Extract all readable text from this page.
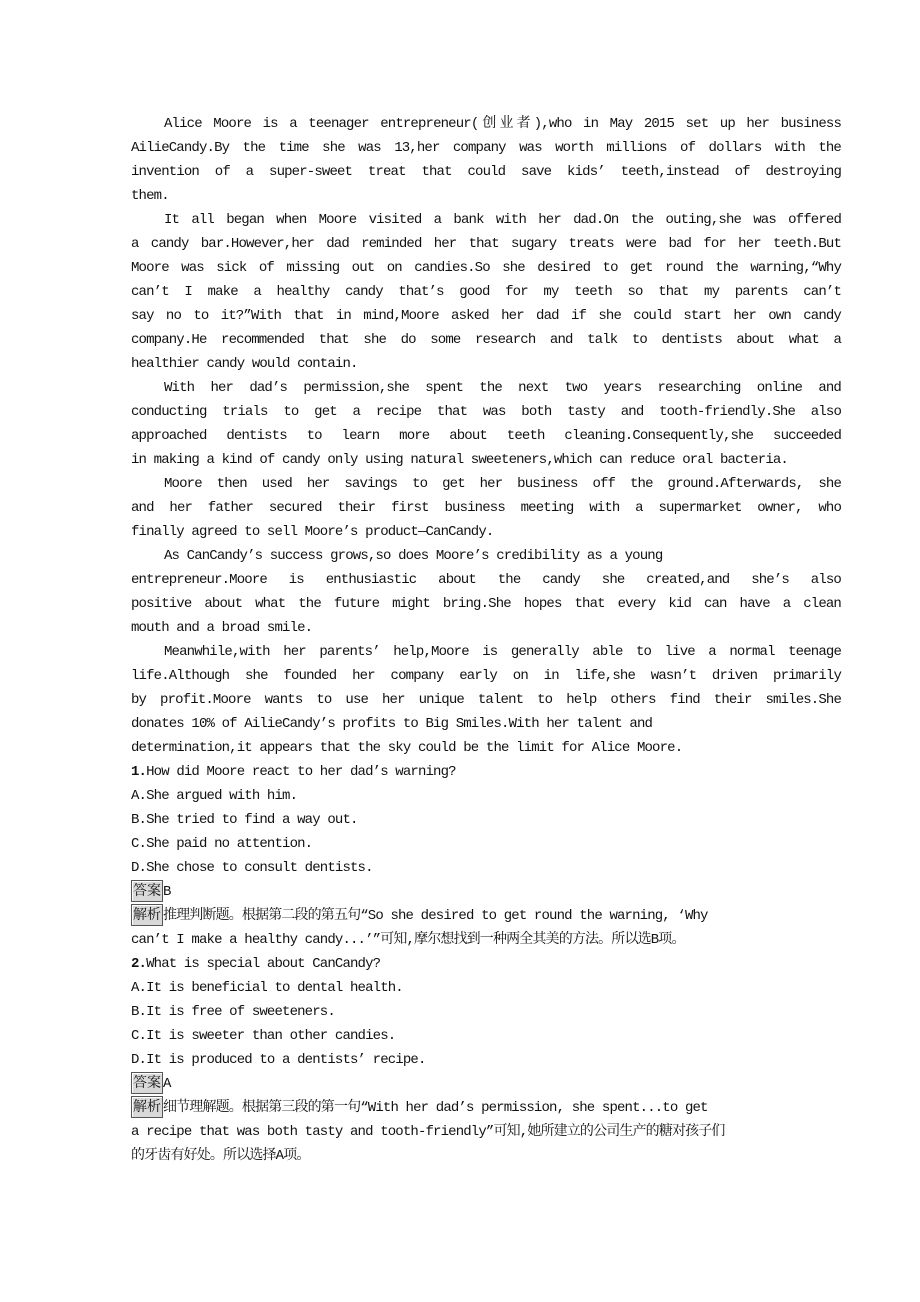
Alice Moore is a teenager entrepreneur(创业者),who in May 2015 set up her business
AilieCandy.By the time she was 13,her company was worth millions of dollars with the
invention of a super-sweet treat that could save kids’ teeth,instead of destroying
them.
It all began when Moore visited a bank with her dad.On the outing,she was offered
a candy bar.However,her dad reminded her that sugary treats were bad for her teeth.But
Moore was sick of missing out on candies.So she desired to get round the warning,“Why
can’t I make a healthy candy that’s good for my teeth so that my parents can’t
say no to it?”With that in mind,Moore asked her dad if she could start her own candy
company.He recommended that she do some research and talk to dentists about what a
healthier candy would contain.
With her dad’s permission,she spent the next two years researching online and
conducting trials to get a recipe that was both tasty and tooth-friendly.She also
approached dentists to learn more about teeth cleaning.Consequently,she succeeded
in making a kind of candy only using natural sweeteners,which can reduce oral bacteria.
Moore then used her savings to get her business off the ground.Afterwards, she
and her father secured their first business meeting with a supermarket owner, who
finally agreed to sell Moore’s product—CanCandy.
As CanCandy’s success grows,so does Moore’s credibility as a young
entrepreneur.Moore is enthusiastic about the candy she created,and she’s also
positive about what the future might bring.She hopes that every kid can have a clean
mouth and a broad smile.
Meanwhile,with her parents’ help,Moore is generally able to live a normal teenage
life.Although she founded her company early on in life,she wasn’t driven primarily
by profit.Moore wants to use her unique talent to help others find their smiles.She
donates 10% of AilieCandy’s profits to Big Smiles.With her talent and
determination,it appears that the sky could be the limit for Alice Moore.
1.How did Moore react to her dad’s warning?
A.She argued with him.
B.She tried to find a way out.
C.She paid no attention.
D.She chose to consult dentists.
答案 B
解析 推理判断题。根据第二段的第五句“So she desired to get round the warning, ‘Why
can’t I make a healthy candy...’”可知,摩尔想找到一种两全其美的方法。所以选B项。
2.What is special about CanCandy?
A.It is beneficial to dental health.
B.It is free of sweeteners.
C.It is sweeter than other candies.
D.It is produced to a dentists’ recipe.
答案 A
解析 细节理解题。根据第三段的第一句“With her dad’s permission, she spent...to get
a recipe that was both tasty and tooth-friendly”可知,她所建立的公司生产的糖对孩子们
的牙齿有好处。所以选择A项。
